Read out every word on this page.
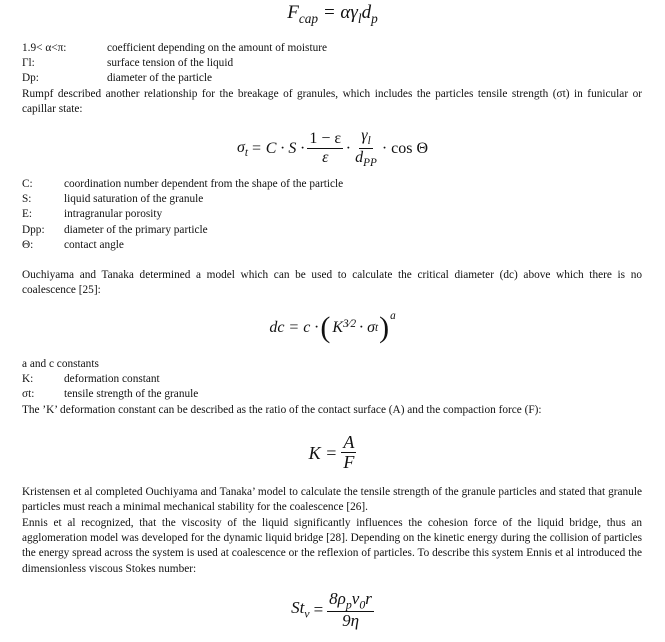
$F_{cap} = \alpha\gamma_ld_p$
1.9< α<π:	coefficient depending on the amount of moisture
Γl:	surface tension of the liquid
Dp:	diameter of the particle
Rumpf described another relationship for the breakage of granules, which includes the particles tensile strength (σt) in funicular or capillar state:
$\sigma_t = C \cdot S \cdot \frac{1 - \varepsilon}{\varepsilon} \cdot \frac{\gamma_l}{d_{PP}} \cdot \cos \Theta$
C:	coordination number dependent from the shape of the particle
S:	liquid saturation of the granule
E:	intragranular porosity
Dpp:	diameter of the primary particle
Θ:	contact angle
Ouchiyama and Tanaka determined a model which can be used to calculate the critical diameter (dc) above which there is no coalescence [25]:
dc = c · ( $K^{3⁄2} \cdot \sigma$ t )$^a$
a and c constants
K:	deformation constant
σt:	tensile strength of the granule
The ’K’ deformation constant can be described as the ratio of the contact surface (A) and the compaction force (F):
$K = \frac{A}{F}$
Kristensen et al completed Ouchiyama and Tanaka’ model to calculate the tensile strength of the granule particles and stated that granule particles must reach a minimal mechanical stability for the coalescence [26].
Ennis et al recognized, that the viscosity of the liquid significantly influences the cohesion force of the liquid bridge, thus an agglomeration model was developed for the dynamic liquid bridge [28]. Depending on the kinetic energy during the collision of particles the energy spread across the system is used at coalescence or the reflexion of particles. To describe this system Ennis et al introduced the dimensionless viscous Stokes number:
$St_v = \frac{8\rho_pv_0r}{9\eta}$
